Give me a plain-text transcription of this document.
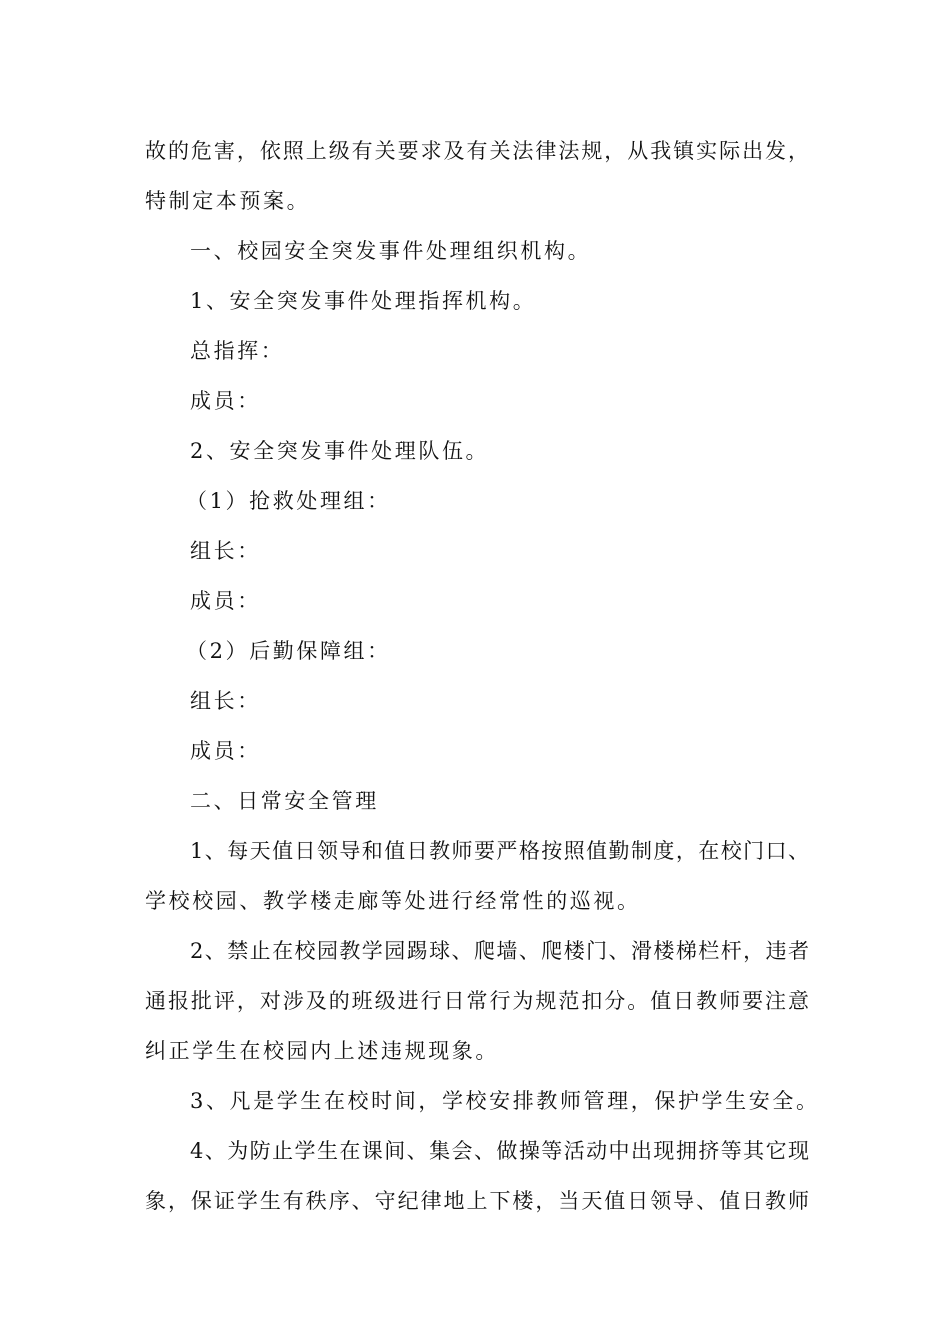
故的危害，依照上级有关要求及有关法律法规，从我镇实际出发，
特制定本预案。
一、校园安全突发事件处理组织机构。
1、安全突发事件处理指挥机构。
总指挥：
成员：
2、安全突发事件处理队伍。
（1）抢救处理组：
组长：
成员：
（2）后勤保障组：
组长：
成员：
二、日常安全管理
1、每天值日领导和值日教师要严格按照值勤制度，在校门口、
学校校园、教学楼走廊等处进行经常性的巡视。
2、禁止在校园教学园踢球、爬墙、爬楼门、滑楼梯栏杆，违者
通报批评，对涉及的班级进行日常行为规范扣分。值日教师要注意
纠正学生在校园内上述违规现象。
3、凡是学生在校时间，学校安排教师管理，保护学生安全。
4、为防止学生在课间、集会、做操等活动中出现拥挤等其它现
象，保证学生有秩序、守纪律地上下楼，当天值日领导、值日教师
